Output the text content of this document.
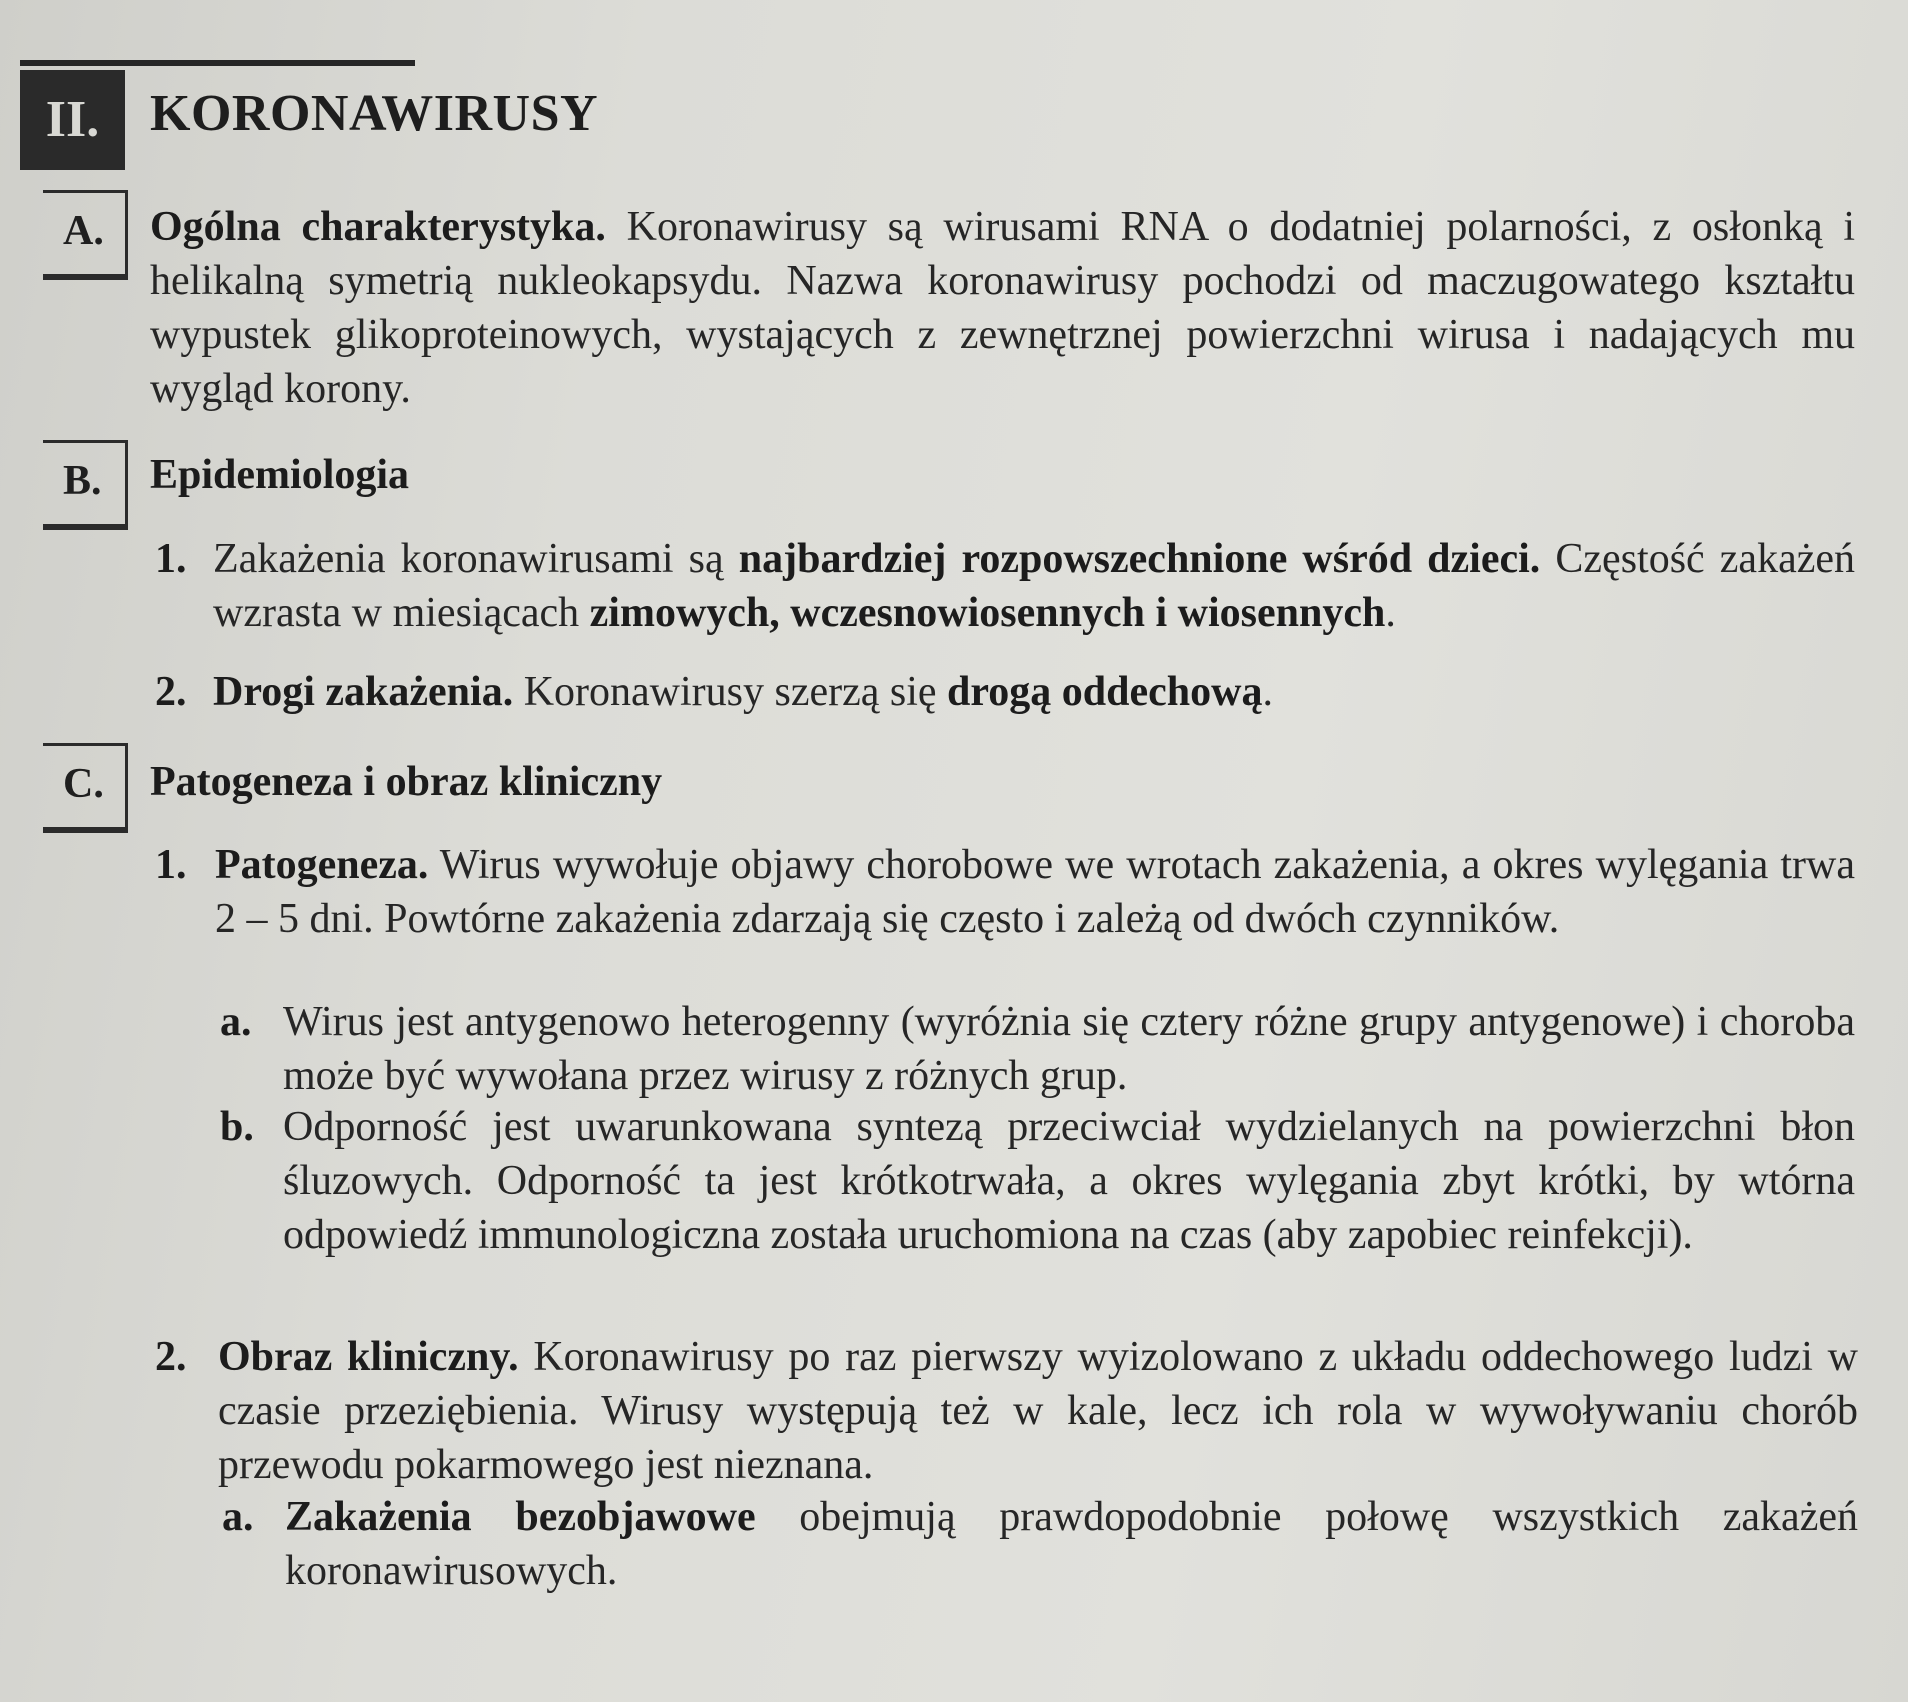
II. KORONAWIRUSY
A. Ogólna charakterystyka. Koronawirusy są wirusami RNA o dodatniej polarności, z osłonką i helikalną symetrią nukleokapsydu. Nazwa koronawirusy pochodzi od maczugowatego kształtu wypustek glikoproteinowych, wystających z zewnętrznej powierzchni wirusa i nadających mu wygląd korony.
B. Epidemiologia
1. Zakażenia koronawirusami są najbardziej rozpowszechnione wśród dzieci. Częstość zakażeń wzrasta w miesiącach zimowych, wczesnowiosennych i wiosennych.
2. Drogi zakażenia. Koronawirusy szerzą się drogą oddechową.
C. Patogeneza i obraz kliniczny
1. Patogeneza. Wirus wywołuje objawy chorobowe we wrotach zakażenia, a okres wylęgania trwa 2 – 5 dni. Powtórne zakażenia zdarzają się często i zależą od dwóch czynników.
a. Wirus jest antygenowo heterogenny (wyróżnia się cztery różne grupy antygenowe) i choroba może być wywołana przez wirusy z różnych grup.
b. Odporność jest uwarunkowana syntezą przeciwciał wydzielanych na powierzchni błon śluzowych. Odporność ta jest krótkotrwała, a okres wylęgania zbyt krótki, by wtórna odpowiedź immunologiczna została uruchomiona na czas (aby zapobiec reinfekcji).
2. Obraz kliniczny. Koronawirusy po raz pierwszy wyizolowano z układu oddechowego ludzi w czasie przeziębienia. Wirusy występują też w kale, lecz ich rola w wywoływaniu chorób przewodu pokarmowego jest nieznana.
a. Zakażenia bezobjawowe obejmują prawdopodobnie połowę wszystkich zakażeń koronawirusowych.
